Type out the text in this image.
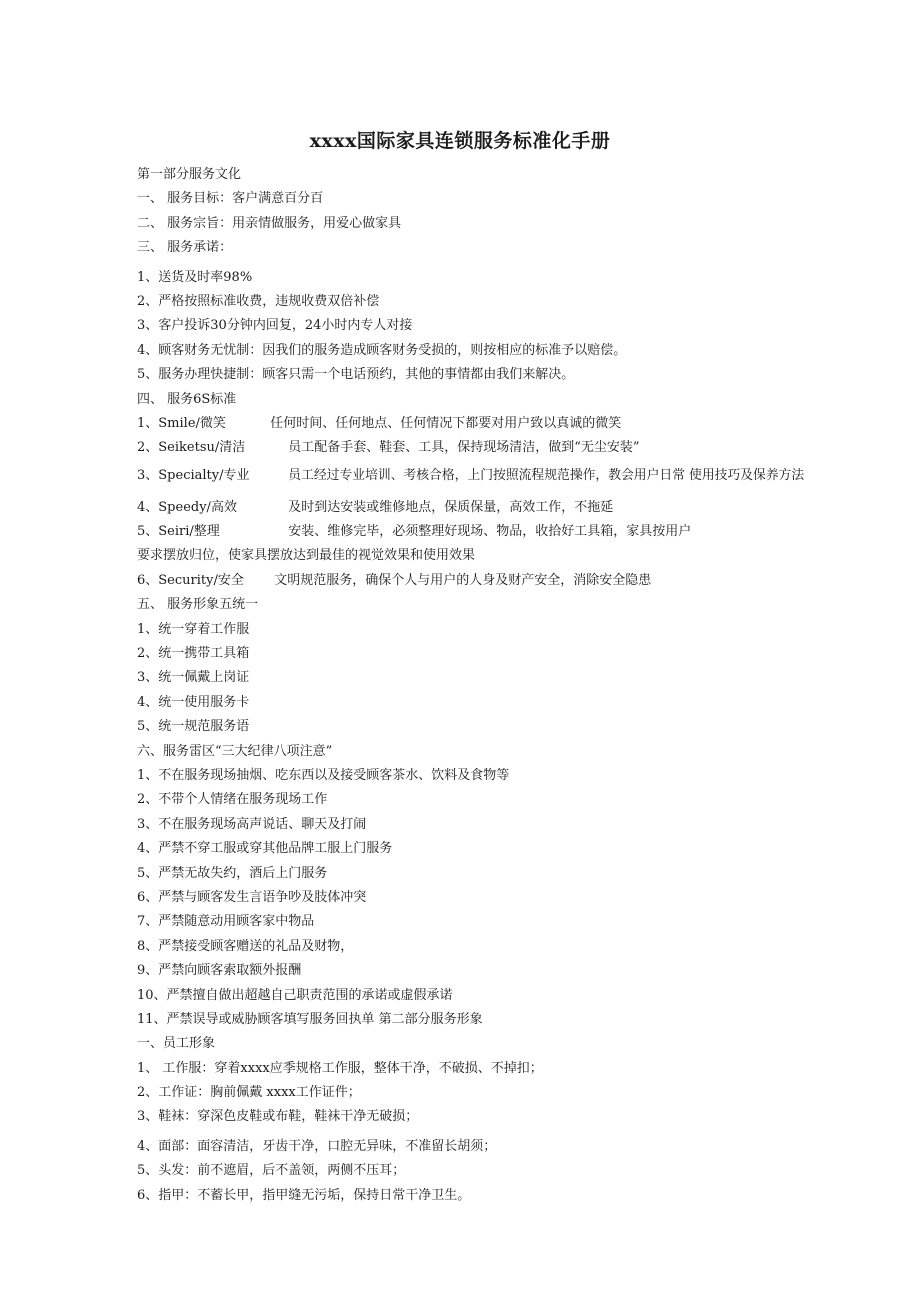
xxxx国际家具连锁服务标准化手册
第一部分服务文化
一、 服务目标：客户满意百分百
二、 服务宗旨：用亲情做服务，用爱心做家具
三、 服务承诺：
1、送货及时率98%
2、严格按照标准收费，违规收费双倍补偿
3、客户投诉30分钟内回复，24小时内专人对接
4、顾客财务无忧制：因我们的服务造成顾客财务受损的，则按相应的标准予以赔偿。
5、服务办理快捷制：顾客只需一个电话预约，其他的事情都由我们来解决。
四、 服务6S标准
1、Smile/微笑	任何时间、任何地点、任何情况下都要对用户致以真诚的微笑
2、Seiketsu/清洁	员工配备手套、鞋套、工具，保持现场清洁，做到“无尘安装”
3、Specialty/专业	员工经过专业培训、考核合格，上门按照流程规范操作，教会用户日常 使用技巧及保养方法
4、Speedy/高效	及时到达安装或维修地点，保质保量，高效工作，不拖延
5、Seiri/整理	安装、维修完毕，必须整理好现场、物品，收拾好工具箱，家具按用户
要求摆放归位，使家具摆放达到最佳的视觉效果和使用效果
6、Security/安全 文明规范服务，确保个人与用户的人身及财产安全，消除安全隐患
五、 服务形象五统一
1、统一穿着工作服
2、统一携带工具箱
3、统一佩戴上岗证
4、统一使用服务卡
5、统一规范服务语
六、服务雷区“三大纪律八项注意”
1、不在服务现场抽烟、吃东西以及接受顾客茶水、饮料及食物等
2、不带个人情绪在服务现场工作
3、不在服务现场高声说话、聊天及打闹
4、严禁不穿工服或穿其他品牌工服上门服务
5、严禁无故失约，酒后上门服务
6、严禁与顾客发生言语争吵及肢体冲突
7、严禁随意动用顾客家中物品
8、严禁接受顾客赠送的礼品及财物，
9、严禁向顾客索取额外报酬
10、严禁擅自做出超越自己职责范围的承诺或虚假承诺
11、严禁误导或威胁顾客填写服务回执单 第二部分服务形象
一、员工形象
1、 工作服：穿着xxxx应季规格工作服，整体干净，不破损、不掉扣；
2、工作证：胸前佩戴 xxxx工作证件；
3、鞋袜：穿深色皮鞋或布鞋，鞋袜干净无破损；
4、面部：面容清洁，牙齿干净，口腔无异味，不准留长胡须；
5、头发：前不遮眉，后不盖领，两侧不压耳；
6、指甲：不蓄长甲，指甲缝无污垢，保持日常干净卫生。
